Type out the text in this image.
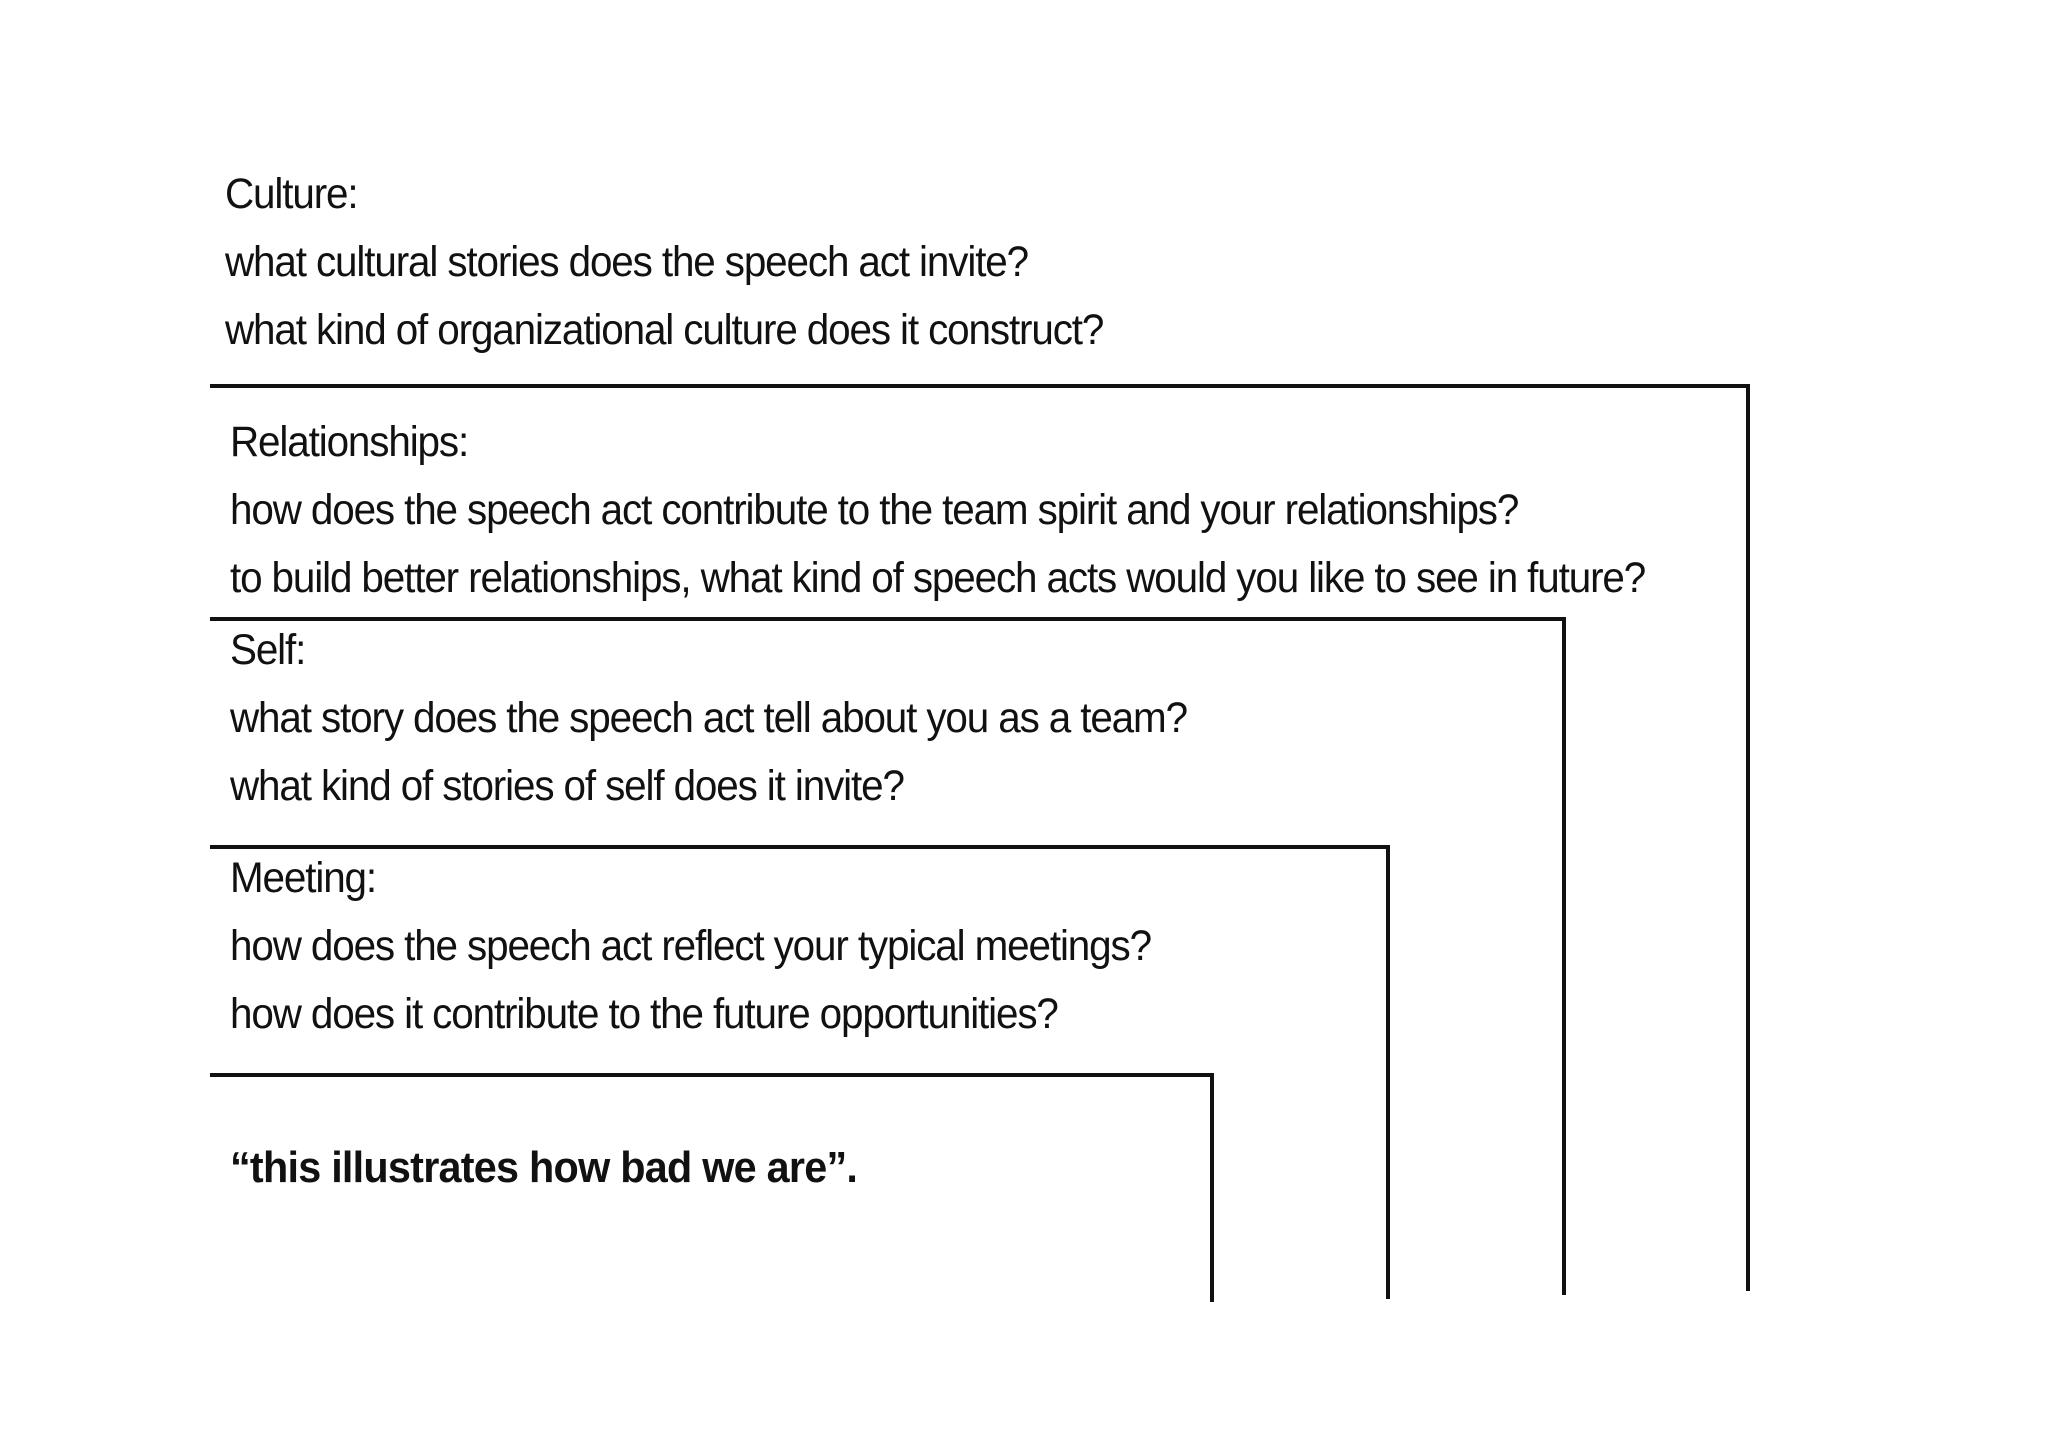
Culture:
what cultural stories does the speech act invite?
what kind of organizational culture does it construct?
Relationships:
how does the speech act contribute to the team spirit and your relationships?
to build better relationships, what kind of speech acts would you like to see in future?
Self:
what story does the speech act tell about you as a team?
what kind of stories of self does it invite?
Meeting:
how does the speech act reflect your typical meetings?
how does it contribute to the future opportunities?
“this illustrates how bad we are”.
